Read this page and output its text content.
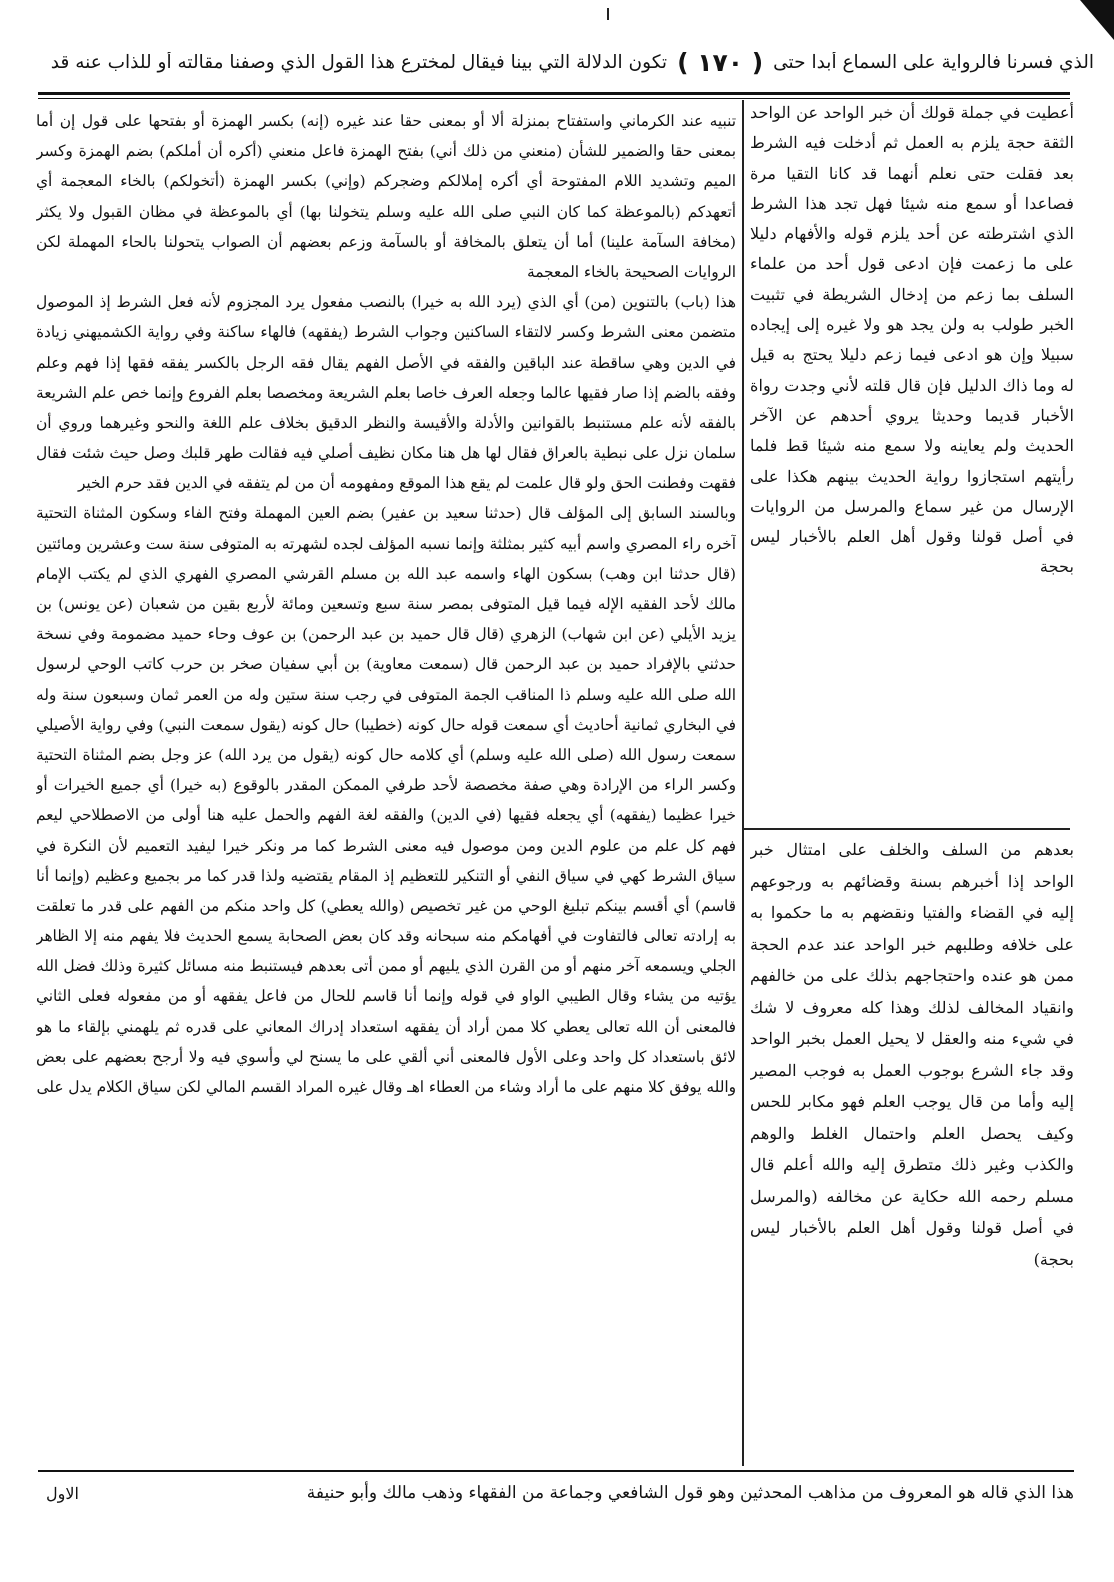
الذي فسرنا فالرواية على السماع أبدا حتى
( ١٧٠ )
تكون الدلالة التي بينا فيقال لمخترع هذا القول الذي وصفنا مقالته أو للذاب عنه قد

تنبيه عند الكرماني واستفتاح بمنزلة ألا أو بمعنى حقا عند غيره (إنه) بكسر الهمزة أو بفتحها على قول إن أما بمعنى حقا والضمير للشأن (منعني من ذلك أني) بفتح الهمزة فاعل منعني (أكره أن أملكم) بضم الهمزة وكسر الميم وتشديد اللام المفتوحة أي أكره إملالكم وضجركم (وإني) بكسر الهمزة (أتخولكم) بالخاء المعجمة أي أتعهدكم (بالموعظة كما كان النبي صلى الله عليه وسلم يتخولنا بها) أي بالموعظة في مظان القبول ولا يكثر (مخافة السآمة علينا) أما أن يتعلق بالمخافة أو بالسآمة وزعم بعضهم أن الصواب يتحولنا بالحاء المهملة لكن الروايات الصحيحة بالخاء المعجمة

هذا (باب) بالتنوين (من) أي الذي (يرد الله به خيرا) بالنصب مفعول يرد المجزوم لأنه فعل الشرط إذ الموصول متضمن معنى الشرط وكسر لالتقاء الساكنين وجواب الشرط (يفقهه) فالهاء ساكنة وفي رواية الكشميهني زيادة في الدين وهي ساقطة عند الباقين والفقه في الأصل الفهم يقال فقه الرجل بالكسر يفقه فقها إذا فهم وعلم وفقه بالضم إذا صار فقيها عالما وجعله العرف خاصا بعلم الشريعة ومخصصا بعلم الفروع وإنما خص علم الشريعة بالفقه لأنه علم مستنبط بالقوانين والأدلة والأقيسة والنظر الدقيق بخلاف علم اللغة والنحو وغيرهما وروي أن سلمان نزل على نبطية بالعراق فقال لها هل هنا مكان نظيف أصلي فيه فقالت طهر قلبك وصل حيث شئت فقال فقهت وفطنت الحق ولو قال علمت لم يقع هذا الموقع ومفهومه أن من لم يتفقه في الدين فقد حرم الخير

وبالسند السابق إلى المؤلف قال (حدثنا سعيد بن عفير) بضم العين المهملة وفتح الفاء وسكون المثناة التحتية آخره راء المصري واسم أبيه كثير بمثلثة وإنما نسبه المؤلف لجده لشهرته به المتوفى سنة ست وعشرين ومائتين (قال حدثنا ابن وهب) بسكون الهاء واسمه عبد الله بن مسلم القرشي المصري الفهري الذي لم يكتب الإمام مالك لأحد الفقيه الإله فيما قيل المتوفى بمصر سنة سبع وتسعين ومائة لأربع بقين من شعبان (عن يونس) بن يزيد الأيلي (عن ابن شهاب) الزهري (قال قال حميد بن عبد الرحمن) بن عوف وحاء حميد مضمومة وفي نسخة حدثني بالإفراد حميد بن عبد الرحمن قال (سمعت معاوية) بن أبي سفيان صخر بن حرب كاتب الوحي لرسول الله صلى الله عليه وسلم ذا المناقب الجمة المتوفى في رجب سنة ستين وله من العمر ثمان وسبعون سنة وله في البخاري ثمانية أحاديث أي سمعت قوله حال كونه (خطيبا) حال كونه (يقول سمعت النبي) وفي رواية الأصيلي سمعت رسول الله (صلى الله عليه وسلم) أي كلامه حال كونه (يقول من يرد الله) عز وجل بضم المثناة التحتية وكسر الراء من الإرادة وهي صفة مخصصة لأحد طرفي الممكن المقدر بالوقوع (به خيرا) أي جميع الخيرات أو خيرا عظيما (يفقهه) أي يجعله فقيها (في الدين) والفقه لغة الفهم والحمل عليه هنا أولى من الاصطلاحي ليعم فهم كل علم من علوم الدين ومن موصول فيه معنى الشرط كما مر ونكر خيرا ليفيد التعميم لأن النكرة في سياق الشرط كهي في سياق النفي أو التنكير للتعظيم إذ المقام يقتضيه ولذا قدر كما مر بجميع وعظيم (وإنما أنا قاسم) أي أقسم بينكم تبليغ الوحي من غير تخصيص (والله يعطي) كل واحد منكم من الفهم على قدر ما تعلقت به إرادته تعالى فالتفاوت في أفهامكم منه سبحانه وقد كان بعض الصحابة يسمع الحديث فلا يفهم منه إلا الظاهر الجلي ويسمعه آخر منهم أو من القرن الذي يليهم أو ممن أتى بعدهم فيستنبط منه مسائل كثيرة وذلك فضل الله يؤتيه من يشاء وقال الطيبي الواو في قوله وإنما أنا قاسم للحال من فاعل يفقهه أو من مفعوله فعلى الثاني فالمعنى أن الله تعالى يعطي كلا ممن أراد أن يفقهه استعداد إدراك المعاني على قدره ثم يلهمني بإلقاء ما هو لائق باستعداد كل واحد وعلى الأول فالمعنى أني ألقي على ما يسنح لي وأسوي فيه ولا أرجح بعضهم على بعض والله يوفق كلا منهم على ما أراد وشاء من العطاء اهـ وقال غيره المراد القسم المالي لكن سياق الكلام يدل على

أعطيت في جملة قولك أن خبر الواحد عن الواحد الثقة حجة يلزم به العمل ثم أدخلت فيه الشرط بعد فقلت حتى نعلم أنهما قد كانا التقيا مرة فصاعدا أو سمع منه شيئا فهل تجد هذا الشرط الذي اشترطته عن أحد يلزم قوله والأفهام دليلا على ما زعمت فإن ادعى قول أحد من علماء السلف بما زعم من إدخال الشريطة في تثبيت الخبر طولب به ولن يجد هو ولا غيره إلى إيجاده سبيلا وإن هو ادعى فيما زعم دليلا يحتج به قيل له وما ذاك الدليل فإن قال قلته لأني وجدت رواة الأخبار قديما وحديثا يروي أحدهم عن الآخر الحديث ولم يعاينه ولا سمع منه شيئا قط فلما رأيتهم استجازوا رواية الحديث بينهم هكذا على الإرسال من غير سماع والمرسل من الروايات في أصل قولنا وقول أهل العلم بالأخبار ليس بحجة

بعدهم من السلف والخلف على امتثال خبر الواحد إذا أخبرهم بسنة وقضائهم به ورجوعهم إليه في القضاء والفتيا ونقضهم به ما حكموا به على خلافه وطلبهم خبر الواحد عند عدم الحجة ممن هو عنده واحتجاجهم بذلك على من خالفهم وانقياد المخالف لذلك وهذا كله معروف لا شك في شيء منه والعقل لا يحيل العمل بخبر الواحد وقد جاء الشرع بوجوب العمل به فوجب المصير إليه وأما من قال يوجب العلم فهو مكابر للحس وكيف يحصل العلم واحتمال الغلط والوهم والكذب وغير ذلك متطرق إليه والله أعلم قال مسلم رحمه الله حكاية عن مخالفه (والمرسل في أصل قولنا وقول أهل العلم بالأخبار ليس بحجة)

هذا الذي قاله هو المعروف من مذاهب المحدثين وهو قول الشافعي وجماعة من الفقهاء وذهب مالك وأبو حنيفة
الاول
